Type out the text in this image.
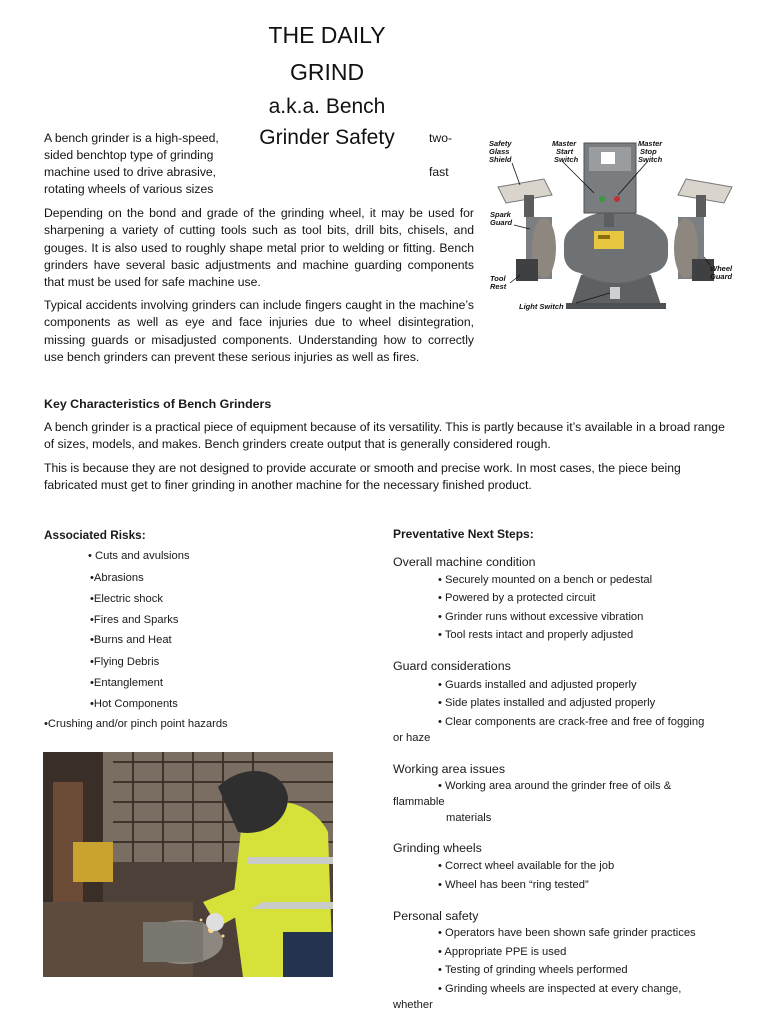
THE DAILY
GRIND
a.k.a. Bench
Grinder Safety
A bench grinder is a high-speed,	two-
sided benchtop type of grinding
machine used to drive abrasive,	fast
rotating wheels of various sizes

Depending on the bond and grade of the grinding wheel, it may be used for sharpening a variety of cutting tools such as tool bits, drill bits, chisels, and gouges. It is also used to roughly shape metal prior to welding or fitting. Bench grinders have several basic adjustments and machine guarding components that must be used for safe machine use.

Typical accidents involving grinders can include fingers caught in the machine’s components as well as eye and face injuries due to wheel disintegration, missing guards or misadjusted components. Understanding how to correctly use bench grinders can prevent these serious injuries as well as fires.

Safety
Glass
Shield
Master
Start
Switch
Master
Stop
Switch
Spark
Guard
Tool
Rest
Wheel
Guard
Light Switch
Key Characteristics of Bench Grinders

A bench grinder is a practical piece of equipment because of its versatility. This is partly because it’s available in a broad range of sizes, models, and makes. Bench grinders create output that is generally considered rough.

This is because they are not designed to provide accurate or smooth and precise work. In most cases, the piece being fabricated must get to finer grinding in another machine for the necessary finished product.

Associated Risks:
• Cuts and avulsions
•Abrasions
•Electric shock
•Fires and Sparks
•Burns and Heat
•Flying Debris
•Entanglement
•Hot Components
•Crushing and/or pinch point hazards
Preventative Next Steps:
Overall machine condition
• Securely mounted on a bench or pedestal
• Powered by a protected circuit
• Grinder runs without excessive vibration
• Tool rests intact and properly adjusted
Guard considerations
• Guards installed and adjusted properly
• Side plates installed and adjusted properly
• Clear components are crack-free and free of fogging
or haze
Working area issues
• Working area around the grinder free of oils &
flammable
materials
Grinding wheels
• Correct wheel available for the job
• Wheel has been “ring tested”
Personal safety
• Operators have been shown safe grinder practices
• Appropriate PPE is used
• Testing of grinding wheels performed
• Grinding wheels are inspected at every change,
whether
